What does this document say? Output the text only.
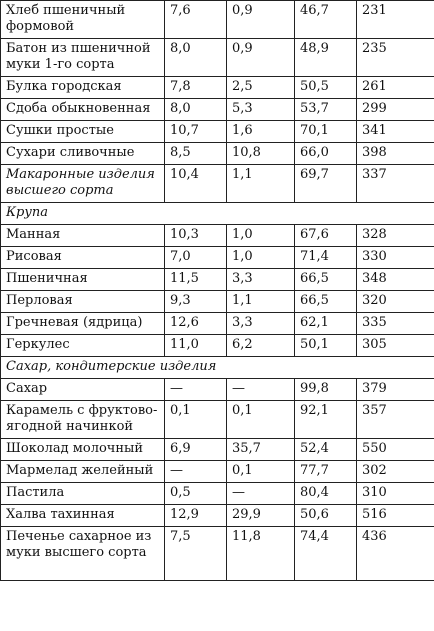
Хлеб пшеничный формовой	7,6	0,9	46,7	231
Батон из пшеничной муки 1-го сорта	8,0	0,9	48,9	235
Булка городская	7,8	2,5	50,5	261
Сдоба обыкновенная	8,0	5,3	53,7	299
Сушки простые	10,7	1,6	70,1	341
Сухари сливочные	8,5	10,8	66,0	398
Макаронные изделия высшего сорта	10,4	1,1	69,7	337
Крупа				
Манная	10,3	1,0	67,6	328
Рисовая	7,0	1,0	71,4	330
Пшеничная	11,5	3,3	66,5	348
Перловая	9,3	1,1	66,5	320
Гречневая (ядрица)	12,6	3,3	62,1	335
Геркулес	11,0	6,2	50,1	305
Сахар, кондитерские изделия				
Сахар	—	—	99,8	379
Карамель с фруктово-ягодной начинкой	0,1	0,1	92,1	357
Шоколад молочный	6,9	35,7	52,4	550
Мармелад желейный	—	0,1	77,7	302
Пастила	0,5	—	80,4	310
Халва тахинная	12,9	29,9	50,6	516
Печенье сахарное из муки высшего сорта	7,5	11,8	74,4	436
